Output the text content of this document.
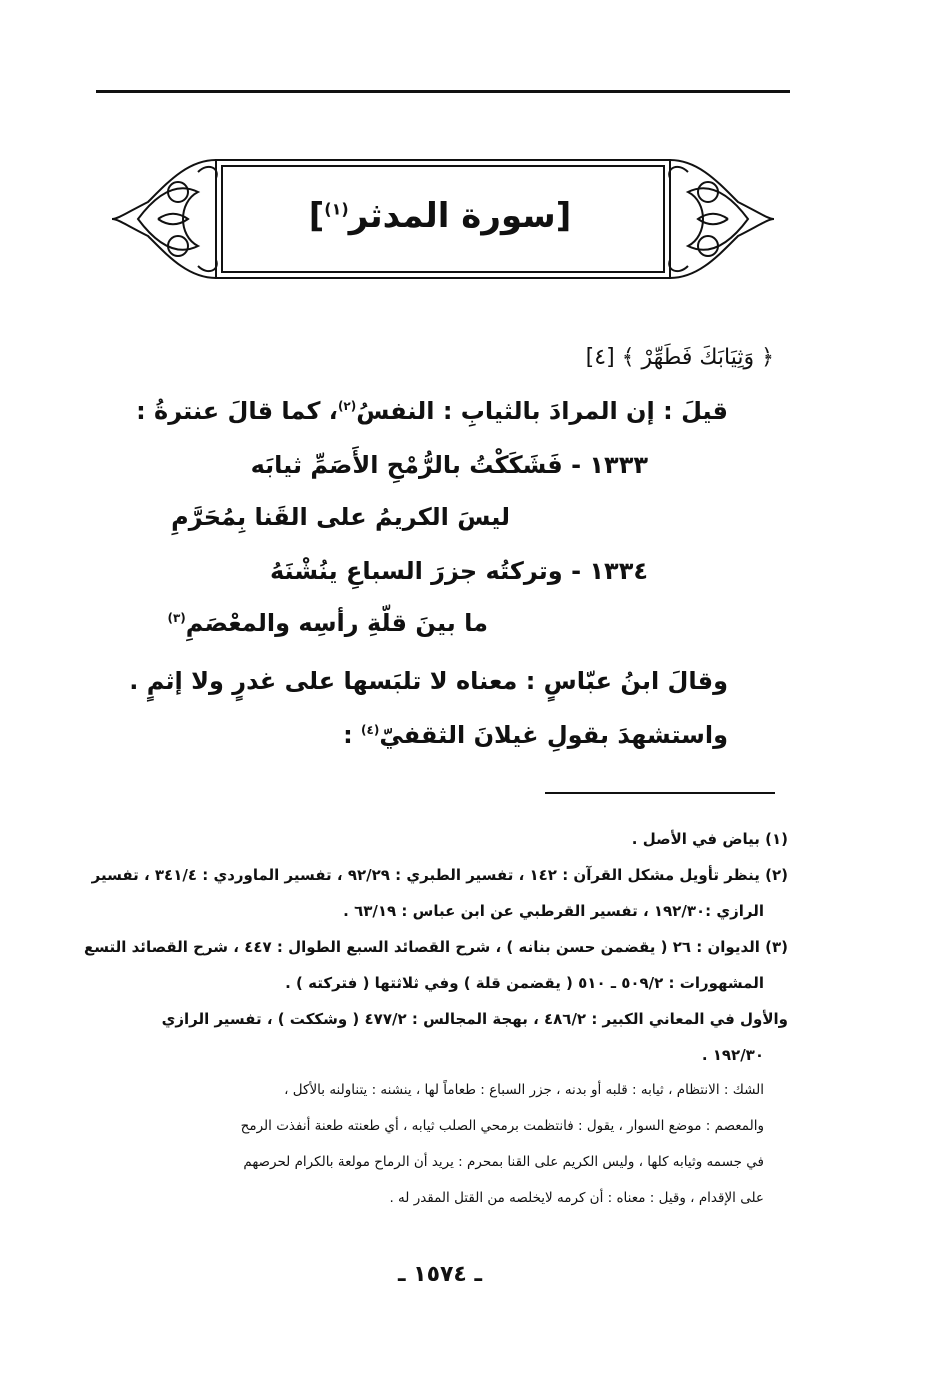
[سورة المدثر$^{(١)}$]
﴿ وَثِيَابَكَ فَطَهِّرْ ﴾ [٤]
قيلَ : إن المرادَ بالثيابِ : النفسُ$^{(٢)}$، كما قالَ عنترةُ :
١٣٣٣ - فَشَكَكْتُ بالرُّمْحِ الأَصَمِّ ثيابَه
ليسَ الكريمُ على القَنا بِمُحَرَّمِ
١٣٣٤ - وتركتُه جزرَ السباعِ ينُشْنَهُ
ما بينَ قلّةِ رأسِه والمعْصَمِ$^{(٣)}$
وقالَ ابنُ عبّاسٍ : معناه لا تلبَسها على غدرٍ ولا إثمٍ .
واستشهدَ بقولِ غيلانَ الثقفيّ$^{(٤)}$ :
(١) بياض في الأصل .
(٢) ينظر تأويل مشكل القرآن : ١٤٢ ، تفسير الطبري : ٩٢/٢٩ ، تفسير الماوردي : ٣٤١/٤ ، تفسير
الرازي :١٩٢/٣٠ ، تفسير القرطبي عن ابن عباس : ٦٣/١٩ .
(٣) الديوان : ٢٦ ( يقضمن حسن بنانه ) ، شرح القصائد السبع الطوال : ٤٤٧ ، شرح القصائد التسع
المشهورات : ٥٠٩/٢ ـ ٥١٠ ( يقضمن قلة ) وفي ثلاثتها ( فتركته ) .
والأول في المعاني الكبير : ٤٨٦/٢ ، بهجة المجالس : ٤٧٧/٢ ( وشككت ) ، تفسير الرازي
١٩٢/٣٠ .
الشك : الانتظام ، ثيابه : قلبه أو بدنه ، جزر السباع : طعاماً لها ، ينشنه : يتناولنه بالأكل ،
والمعصم : موضع السوار ، يقول : فانتظمت برمحي الصلب ثيابه ، أي طعنته طعنة أنفذت الرمح
في جسمه وثيابه كلها ، وليس الكريم على القنا بمحرم : يريد أن الرماح مولعة بالكرام لحرصهم
على الإقدام ، وقيل : معناه : أن كرمه لايخلصه من القتل المقدر له .
ـ ١٥٧٤ ـ
